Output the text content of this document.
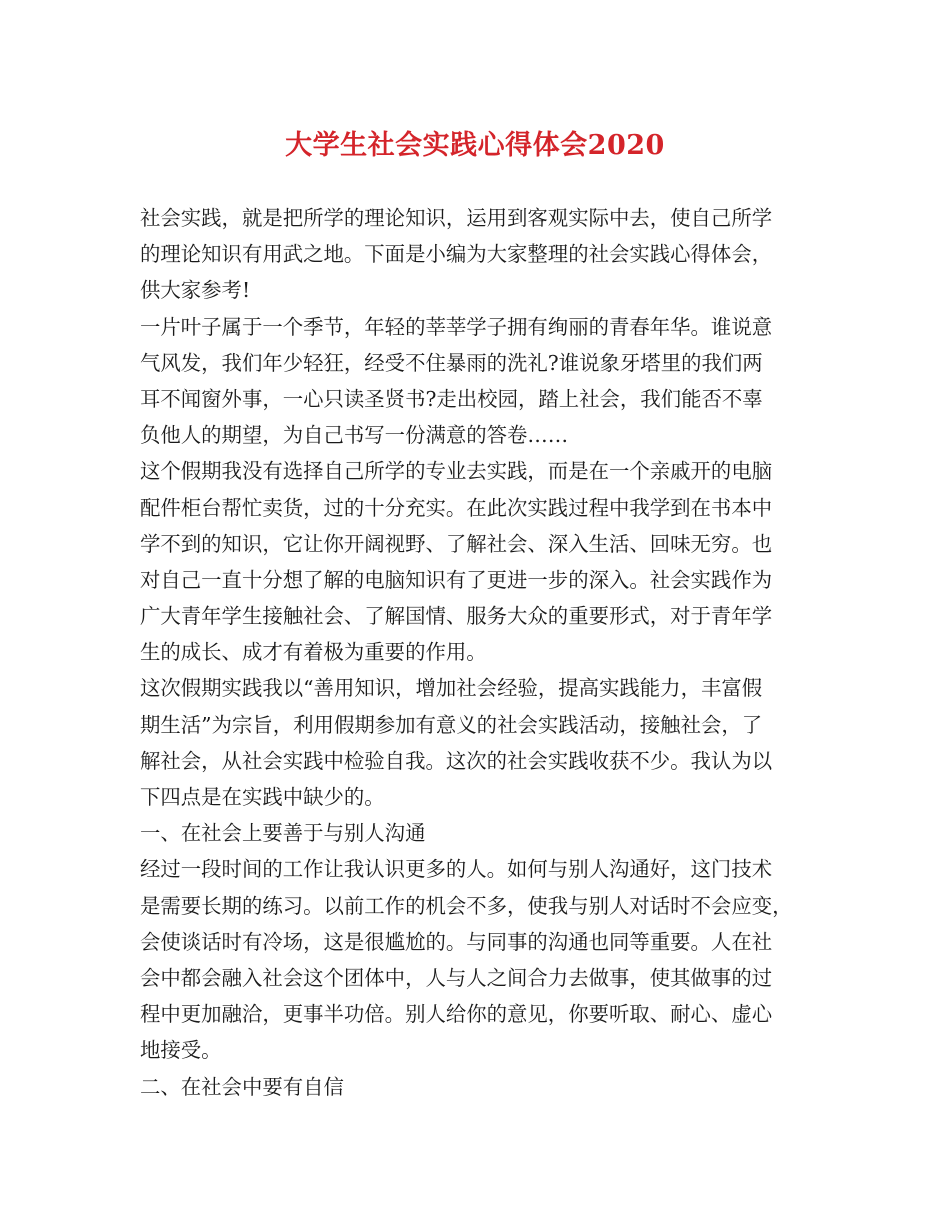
大学生社会实践心得体会2020
社会实践，就是把所学的理论知识，运用到客观实际中去，使自己所学
的理论知识有用武之地。下面是小编为大家整理的社会实践心得体会，
供大家参考!
一片叶子属于一个季节，年轻的莘莘学子拥有绚丽的青春年华。谁说意
气风发，我们年少轻狂，经受不住暴雨的洗礼?谁说象牙塔里的我们两
耳不闻窗外事，一心只读圣贤书?走出校园，踏上社会，我们能否不辜
负他人的期望，为自己书写一份满意的答卷……
这个假期我没有选择自己所学的专业去实践，而是在一个亲戚开的电脑
配件柜台帮忙卖货，过的十分充实。在此次实践过程中我学到在书本中
学不到的知识，它让你开阔视野、了解社会、深入生活、回味无穷。也
对自己一直十分想了解的电脑知识有了更进一步的深入。社会实践作为
广大青年学生接触社会、了解国情、服务大众的重要形式，对于青年学
生的成长、成才有着极为重要的作用。
这次假期实践我以“善用知识，增加社会经验，提高实践能力，丰富假
期生活”为宗旨，利用假期参加有意义的社会实践活动，接触社会，了
解社会，从社会实践中检验自我。这次的社会实践收获不少。我认为以
下四点是在实践中缺少的。
一、在社会上要善于与别人沟通
经过一段时间的工作让我认识更多的人。如何与别人沟通好，这门技术
是需要长期的练习。以前工作的机会不多，使我与别人对话时不会应变，
会使谈话时有冷场，这是很尴尬的。与同事的沟通也同等重要。人在社
会中都会融入社会这个团体中，人与人之间合力去做事，使其做事的过
程中更加融洽，更事半功倍。别人给你的意见，你要听取、耐心、虚心
地接受。
二、在社会中要有自信
